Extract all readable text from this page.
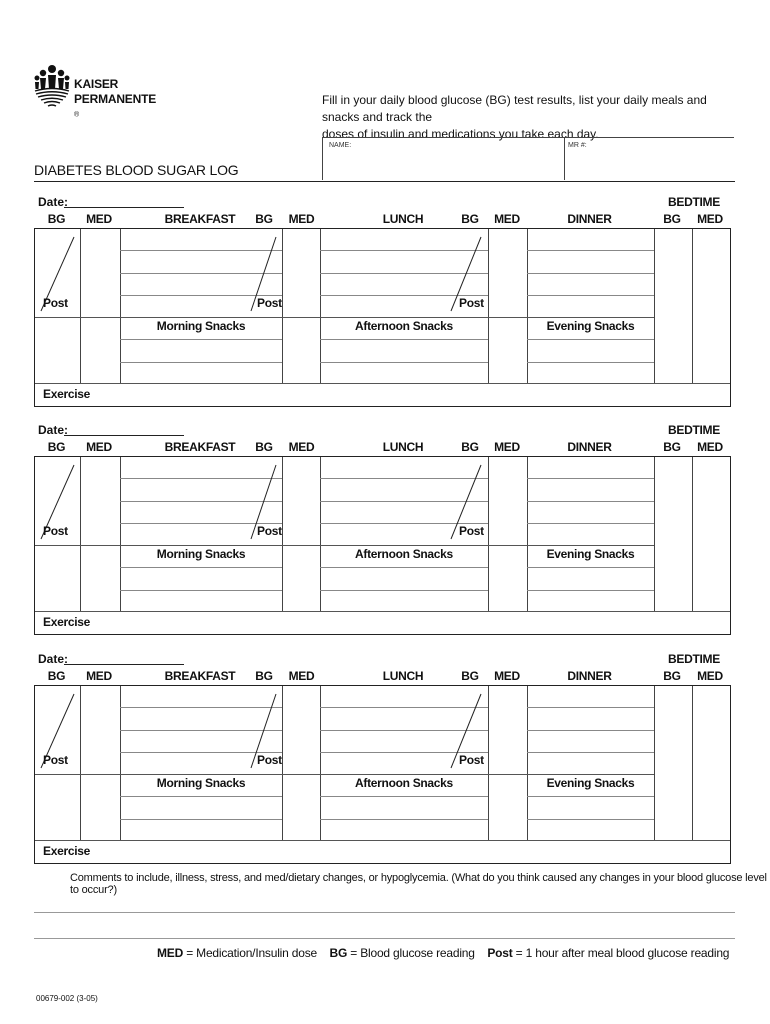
KAISER
PERMANENTE ®
Fill in your daily blood glucose (BG) test results, list your daily meals and snacks and track the
doses of insulin and medications you take each day.
NAME:	MR #:
DIABETES BLOOD SUGAR LOG
Date:	BEDTIME
BG	MED	BREAKFAST	BG	MED	LUNCH	BG	MED	DINNER	BG	MED
Post	Post	Post
Morning Snacks	Afternoon Snacks	Evening Snacks
Exercise
Date:	BEDTIME
BG	MED	BREAKFAST	BG	MED	LUNCH	BG	MED	DINNER	BG	MED
Post	Post	Post
Morning Snacks	Afternoon Snacks	Evening Snacks
Exercise
Date:	BEDTIME
BG	MED	BREAKFAST	BG	MED	LUNCH	BG	MED	DINNER	BG	MED
Post	Post	Post
Morning Snacks	Afternoon Snacks	Evening Snacks
Exercise
Comments to include, illness, stress, and med/dietary changes, or hypoglycemia. (What do you think caused any changes in your blood glucose level to occur?)
MED = Medication/Insulin dose BG = Blood glucose reading Post = 1 hour after meal blood glucose reading
00679-002 (3-05)
